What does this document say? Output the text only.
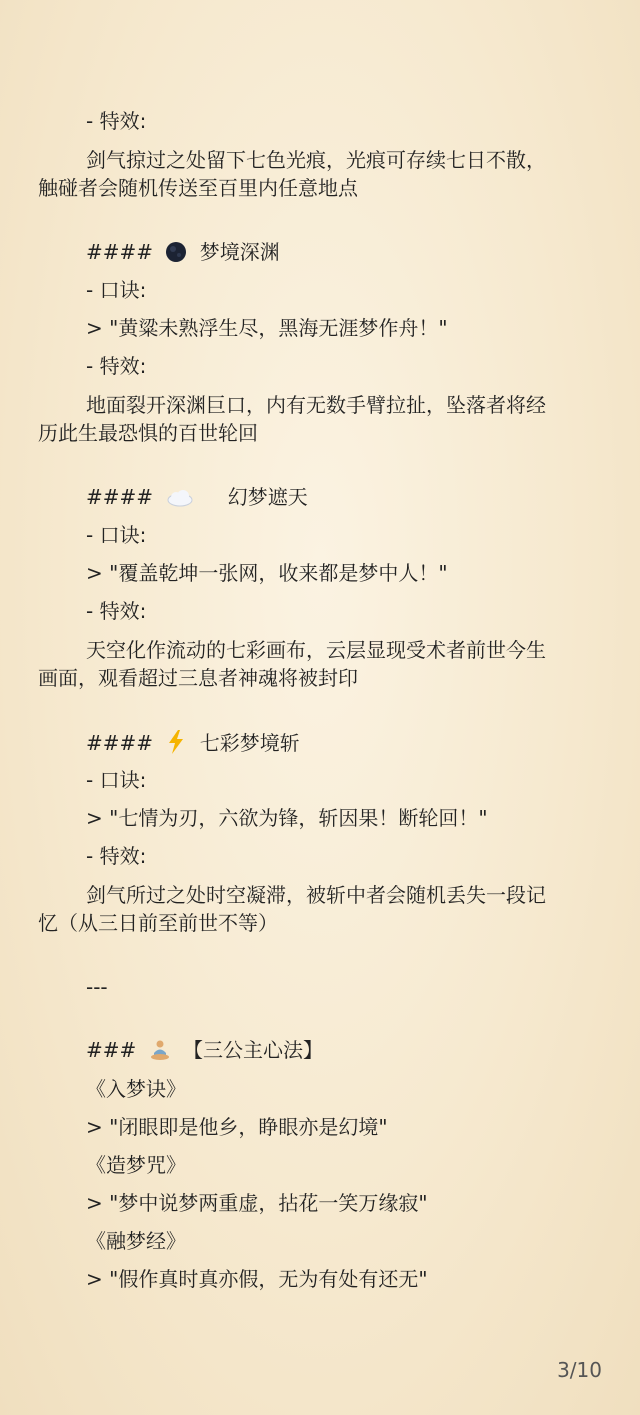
- 特效:
剑气掠过之处留下七色光痕，光痕可存续七日不散，
触碰者会随机传送至百里内任意地点
#### 梦境深渊
- 口诀:
> "黄粱未熟浮生尽，黑海无涯梦作舟！"
- 特效:
地面裂开深渊巨口，内有无数手臂拉扯，坠落者将经
历此生最恐惧的百世轮回
####	幻梦遮天
- 口诀:
> "覆盖乾坤一张网，收来都是梦中人！"
- 特效:
天空化作流动的七彩画布，云层显现受术者前世今生
画面，观看超过三息者神魂将被封印
#### 七彩梦境斩
- 口诀:
> "七情为刃，六欲为锋，斩因果！断轮回！"
- 特效:
剑气所过之处时空凝滞，被斩中者会随机丢失一段记
忆（从三日前至前世不等）
---
### 【三公主心法】
《入梦诀》
> "闭眼即是他乡，睁眼亦是幻境"
《造梦咒》
> "梦中说梦两重虚，拈花一笑万缘寂"
《融梦经》
> "假作真时真亦假，无为有处有还无"
3/10
